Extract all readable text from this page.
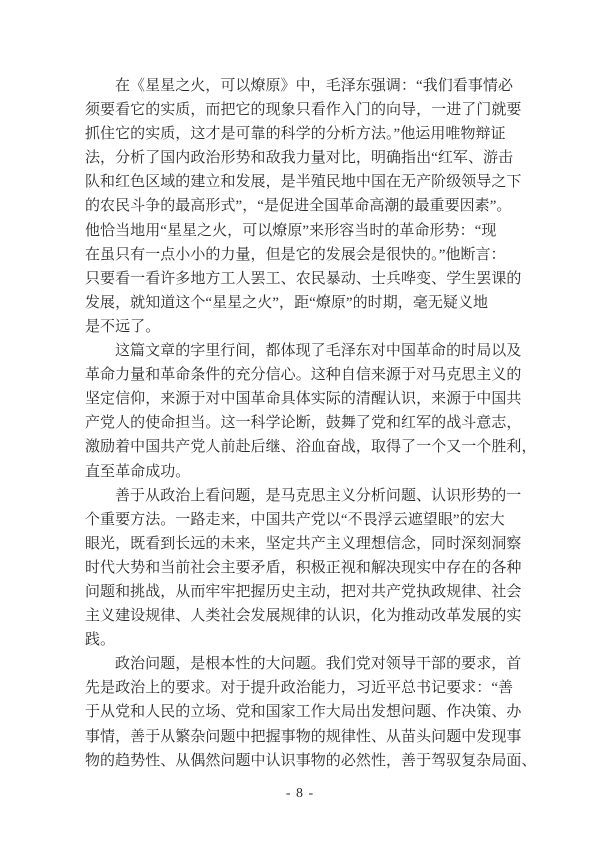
在《星星之火，可以燎原》中，毛泽东强调：“我们看事情必
须要看它的实质，而把它的现象只看作入门的向导，一进了门就要
抓住它的实质，这才是可靠的科学的分析方法。”他运用唯物辩证
法，分析了国内政治形势和敌我力量对比，明确指出“红军、游击
队和红色区域的建立和发展，是半殖民地中国在无产阶级领导之下
的农民斗争的最高形式”，“是促进全国革命高潮的最重要因素”。
他恰当地用“星星之火，可以燎原”来形容当时的革命形势：“现
在虽只有一点小小的力量，但是它的发展会是很快的。”他断言：
只要看一看许多地方工人罢工、农民暴动、士兵哗变、学生罢课的
发展，就知道这个“星星之火”，距“燎原”的时期，毫无疑义地
是不远了。
这篇文章的字里行间，都体现了毛泽东对中国革命的时局以及
革命力量和革命条件的充分信心。这种自信来源于对马克思主义的
坚定信仰，来源于对中国革命具体实际的清醒认识，来源于中国共
产党人的使命担当。这一科学论断，鼓舞了党和红军的战斗意志，
激励着中国共产党人前赴后继、浴血奋战，取得了一个又一个胜利，
直至革命成功。
善于从政治上看问题，是马克思主义分析问题、认识形势的一
个重要方法。一路走来，中国共产党以“不畏浮云遮望眼”的宏大
眼光，既看到长远的未来，坚定共产主义理想信念，同时深刻洞察
时代大势和当前社会主要矛盾，积极正视和解决现实中存在的各种
问题和挑战，从而牢牢把握历史主动，把对共产党执政规律、社会
主义建设规律、人类社会发展规律的认识，化为推动改革发展的实
践。
政治问题，是根本性的大问题。我们党对领导干部的要求，首
先是政治上的要求。对于提升政治能力，习近平总书记要求：“善
于从党和人民的立场、党和国家工作大局出发想问题、作决策、办
事情，善于从繁杂问题中把握事物的规律性、从苗头问题中发现事
物的趋势性、从偶然问题中认识事物的必然性，善于驾驭复杂局面、
- 8 -
